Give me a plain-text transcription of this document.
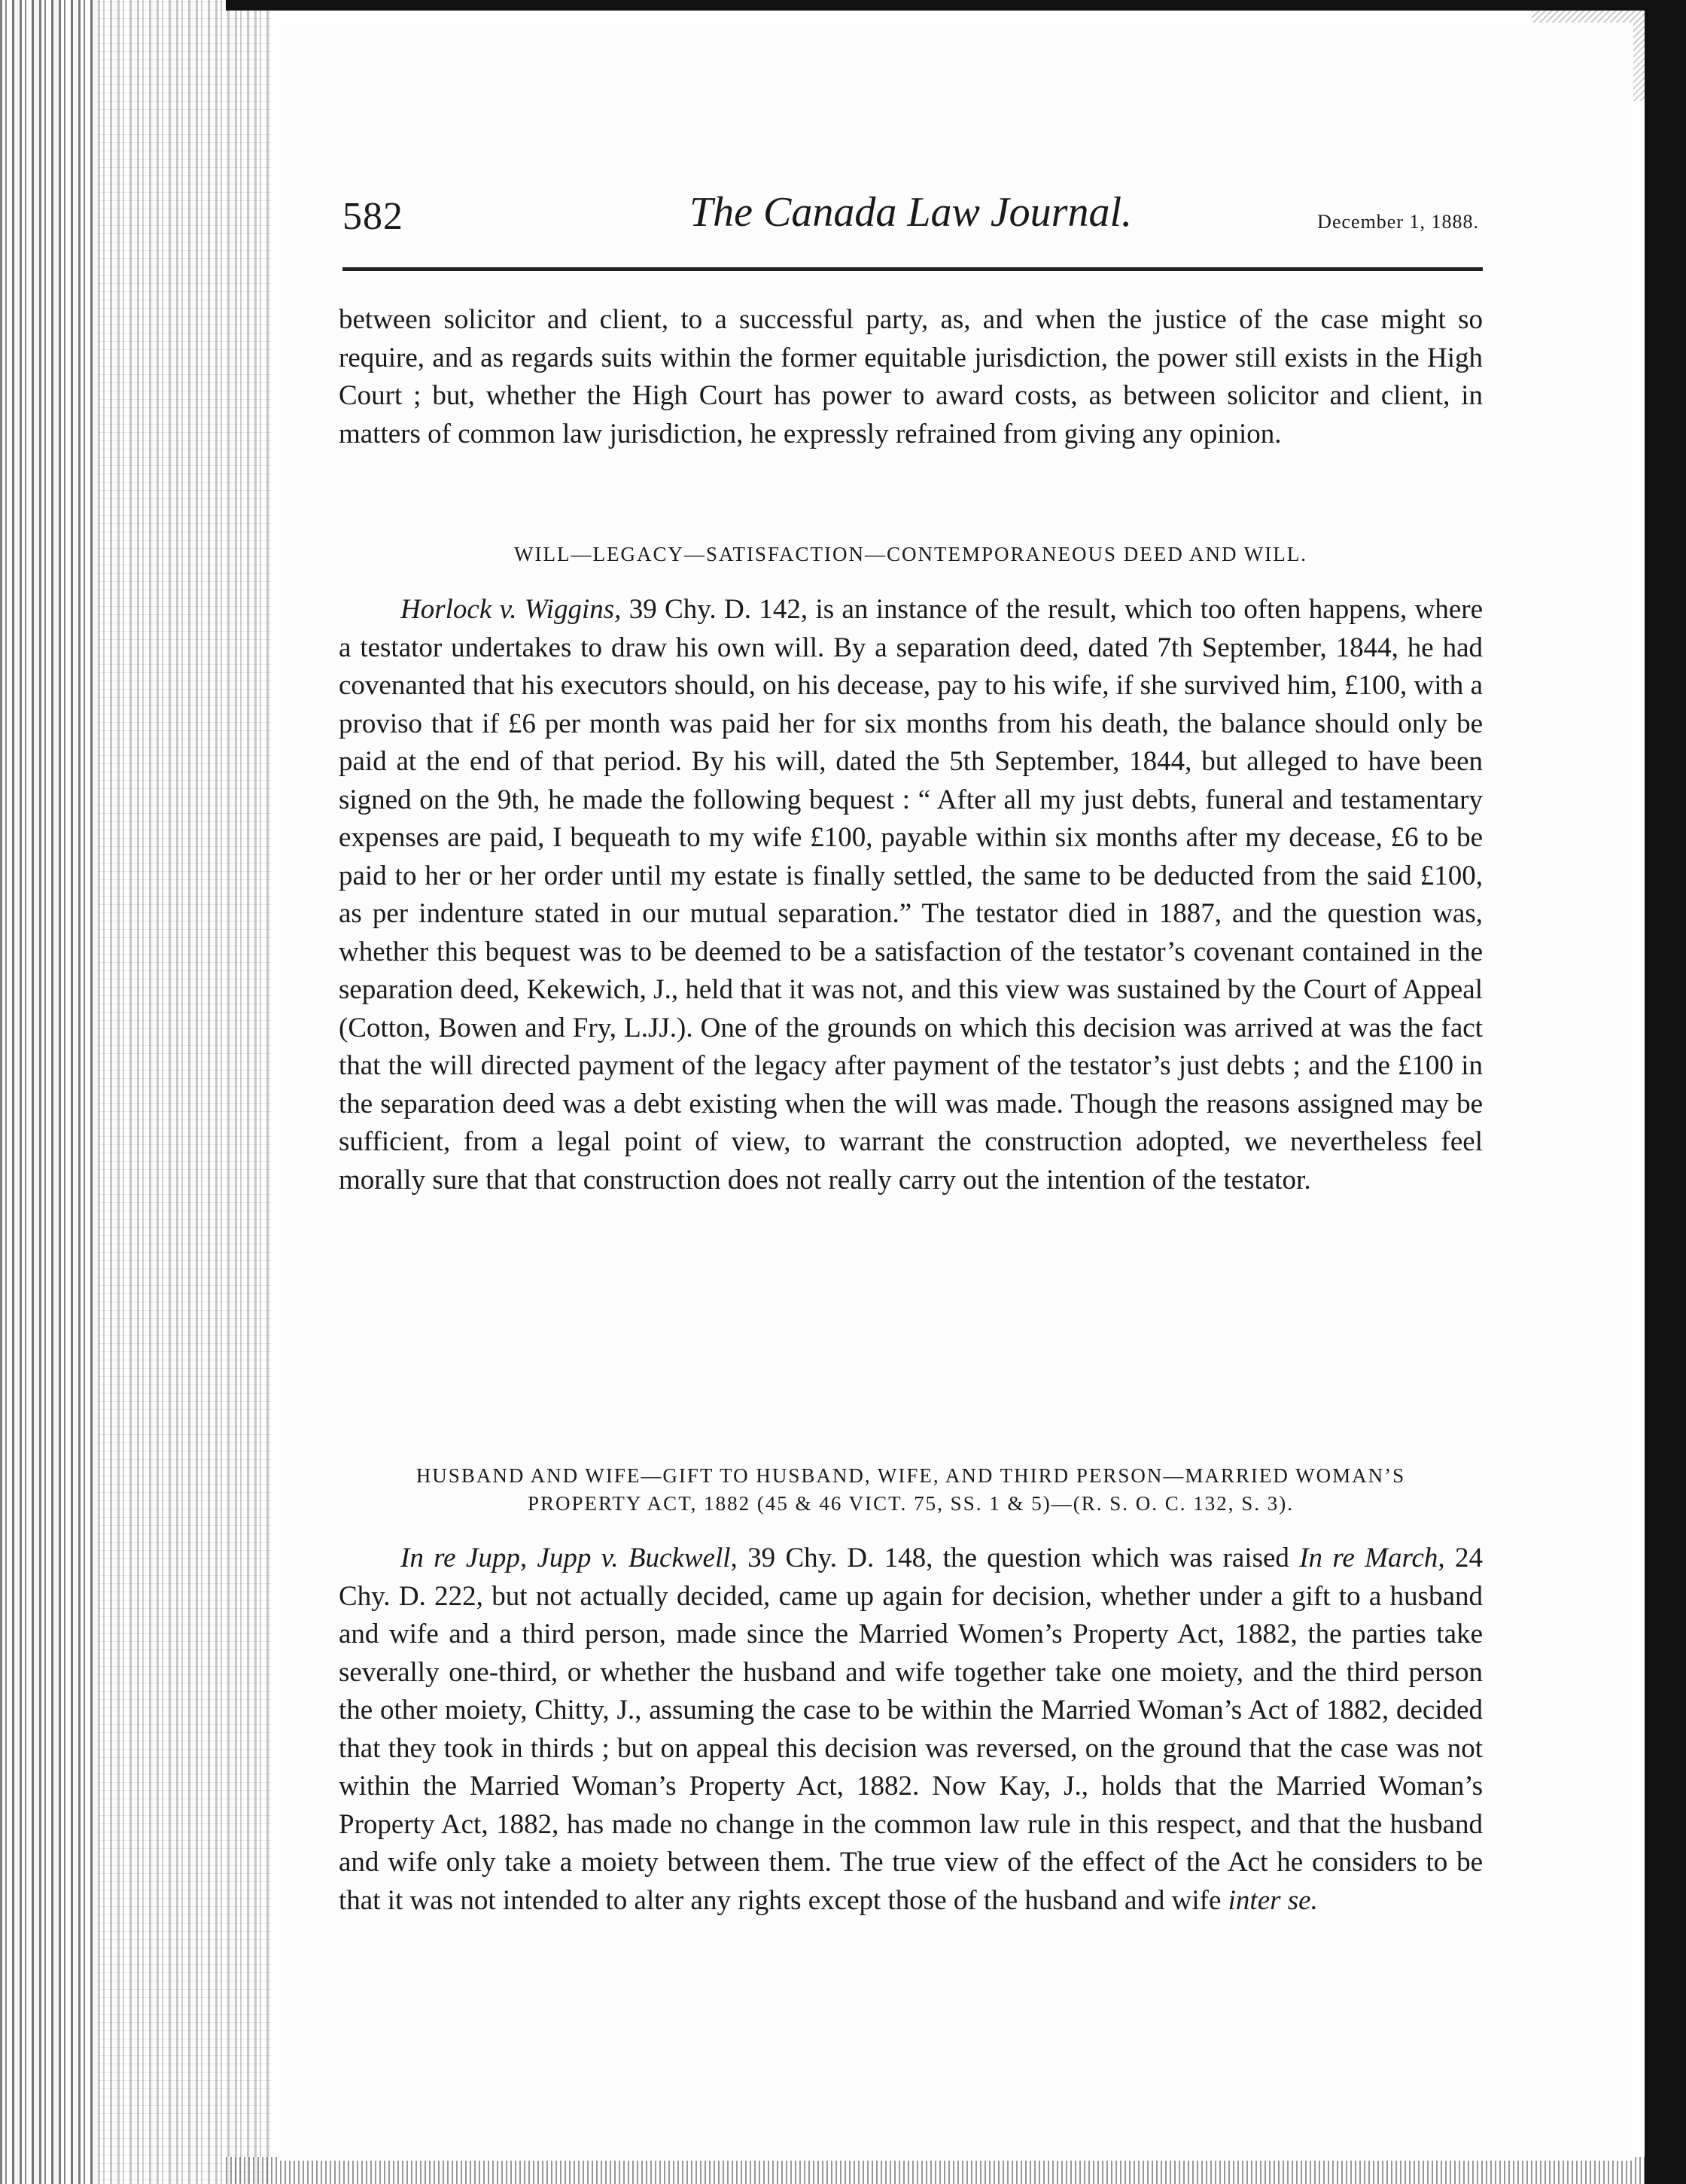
582	The Canada Law Journal.	December 1, 1888.

between solicitor and client, to a successful party, as, and when the justice of the case might so require, and as regards suits within the former equitable jurisdiction, the power still exists in the High Court ; but, whether the High Court has power to award costs, as between solicitor and client, in matters of common law jurisdiction, he expressly refrained from giving any opinion.

WILL—LEGACY—SATISFACTION—CONTEMPORANEOUS DEED AND WILL.

Horlock v. Wiggins, 39 Chy. D. 142, is an instance of the result, which too often happens, where a testator undertakes to draw his own will. By a separation deed, dated 7th September, 1844, he had covenanted that his executors should, on his decease, pay to his wife, if she survived him, £100, with a proviso that if £6 per month was paid her for six months from his death, the balance should only be paid at the end of that period. By his will, dated the 5th September, 1844, but alleged to have been signed on the 9th, he made the following bequest : “ After all my just debts, funeral and testamentary expenses are paid, I bequeath to my wife £100, payable within six months after my decease, £6 to be paid to her or her order until my estate is finally settled, the same to be deducted from the said £100, as per indenture stated in our mutual separation.” The testator died in 1887, and the question was, whether this bequest was to be deemed to be a satisfaction of the testator’s covenant contained in the separation deed, Kekewich, J., held that it was not, and this view was sustained by the Court of Appeal (Cotton, Bowen and Fry, L.JJ.). One of the grounds on which this decision was arrived at was the fact that the will directed payment of the legacy after payment of the testator’s just debts ; and the £100 in the separation deed was a debt existing when the will was made. Though the reasons assigned may be sufficient, from a legal point of view, to warrant the construction adopted, we nevertheless feel morally sure that that construction does not really carry out the intention of the testator.

HUSBAND AND WIFE—GIFT TO HUSBAND, WIFE, AND THIRD PERSON—MARRIED WOMAN’S
PROPERTY ACT, 1882 (45 & 46 VICT. 75, SS. 1 & 5)—(R. S. O. C. 132, S. 3).

In re Jupp, Jupp v. Buckwell, 39 Chy. D. 148, the question which was raised In re March, 24 Chy. D. 222, but not actually decided, came up again for decision, whether under a gift to a husband and wife and a third person, made since the Married Women’s Property Act, 1882, the parties take severally one-third, or whether the husband and wife together take one moiety, and the third person the other moiety, Chitty, J., assuming the case to be within the Married Woman’s Act of 1882, decided that they took in thirds ; but on appeal this decision was reversed, on the ground that the case was not within the Married Woman’s Property Act, 1882. Now Kay, J., holds that the Married Woman’s Property Act, 1882, has made no change in the common law rule in this respect, and that the husband and wife only take a moiety between them. The true view of the effect of the Act he considers to be that it was not intended to alter any rights except those of the husband and wife inter se.
